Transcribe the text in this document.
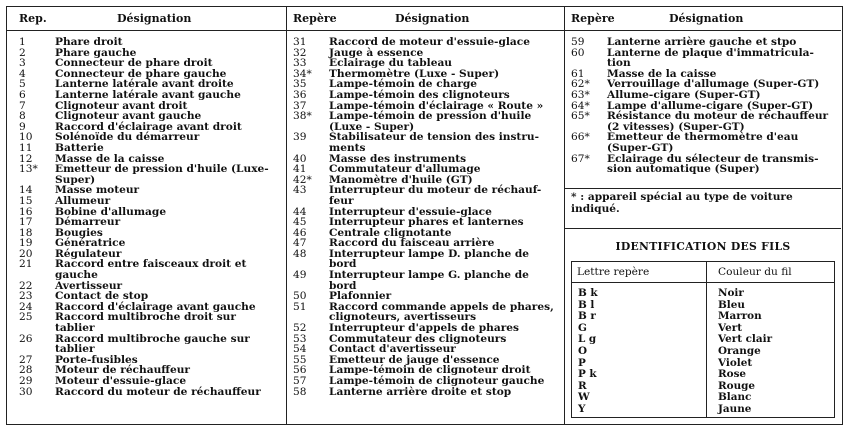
Rep.	Désignation
1	Phare droit
2	Phare gauche
3	Connecteur de phare droit
4	Connecteur de phare gauche
5	Lanterne latérale avant droite
6	Lanterne latérale avant gauche
7	Clignoteur avant droit
8	Clignoteur avant gauche
9	Raccord d'éclairage avant droit
10	Solénoïde du démarreur
11	Batterie
12	Masse de la caisse
13*	Emetteur de pression d'huile (Luxe-
Super)
14	Masse moteur
15	Allumeur
16	Bobine d'allumage
17	Démarreur
18	Bougies
19	Génératrice
20	Régulateur
21	Raccord entre faisceaux droit et
gauche
22	Avertisseur
23	Contact de stop
24	Raccord d'éclairage avant gauche
25	Raccord multibroche droit sur
tablier
26	Raccord multibroche gauche sur
tablier
27	Porte-fusibles
28	Moteur de réchauffeur
29	Moteur d'essuie-glace
30	Raccord du moteur de réchauffeur
Repère	Désignation
31	Raccord de moteur d'essuie-glace
32	Jauge à essence
33	Eclairage du tableau
34*	Thermomètre (Luxe - Super)
35	Lampe-témoin de charge
36	Lampe-témoin des clignoteurs
37	Lampe-témoin d'éclairage « Route »
38*	Lampe-témoin de pression d'huile
(Luxe - Super)
39	Stabilisateur de tension des instru-
ments
40	Masse des instruments
41	Commutateur d'allumage
42*	Manomètre d'huile (GT)
43	Interrupteur du moteur de réchauf-
feur
44	Interrupteur d'essuie-glace
45	Interrupteur phares et lanternes
46	Centrale clignotante
47	Raccord du faisceau arrière
48	Interrupteur lampe D. planche de
bord
49	Interrupteur lampe G. planche de
bord
50	Plafonnier
51	Raccord commande appels de phares,
clignoteurs, avertisseurs
52	Interrupteur d'appels de phares
53	Commutateur des clignoteurs
54	Contact d'avertisseur
55	Emetteur de jauge d'essence
56	Lampe-témoin de clignoteur droit
57	Lampe-témoin de clignoteur gauche
58	Lanterne arrière droite et stop
Repère	Désignation
59	Lanterne arrière gauche et stpo
60	Lanterne de plaque d'immatricula-
tion
61	Masse de la caisse
62*	Verrouillage d'allumage (Super-GT)
63*	Allume-cigare (Super-GT)
64*	Lampe d'allume-cigare (Super-GT)
65*	Résistance du moteur de réchauffeur
(2 vitesses) (Super-GT)
66*	Emetteur de thermomètre d'eau
(Super-GT)
67*	Eclairage du sélecteur de transmis-
sion automatique (Super)
* : appareil spécial au type de voiture indiqué.
IDENTIFICATION DES FILS
Lettre repère	Couleur du fil
B k	Noir
B l	Bleu
B r	Marron
G	Vert
L g	Vert clair
O	Orange
P	Violet
P k	Rose
R	Rouge
W	Blanc
Y	Jaune
